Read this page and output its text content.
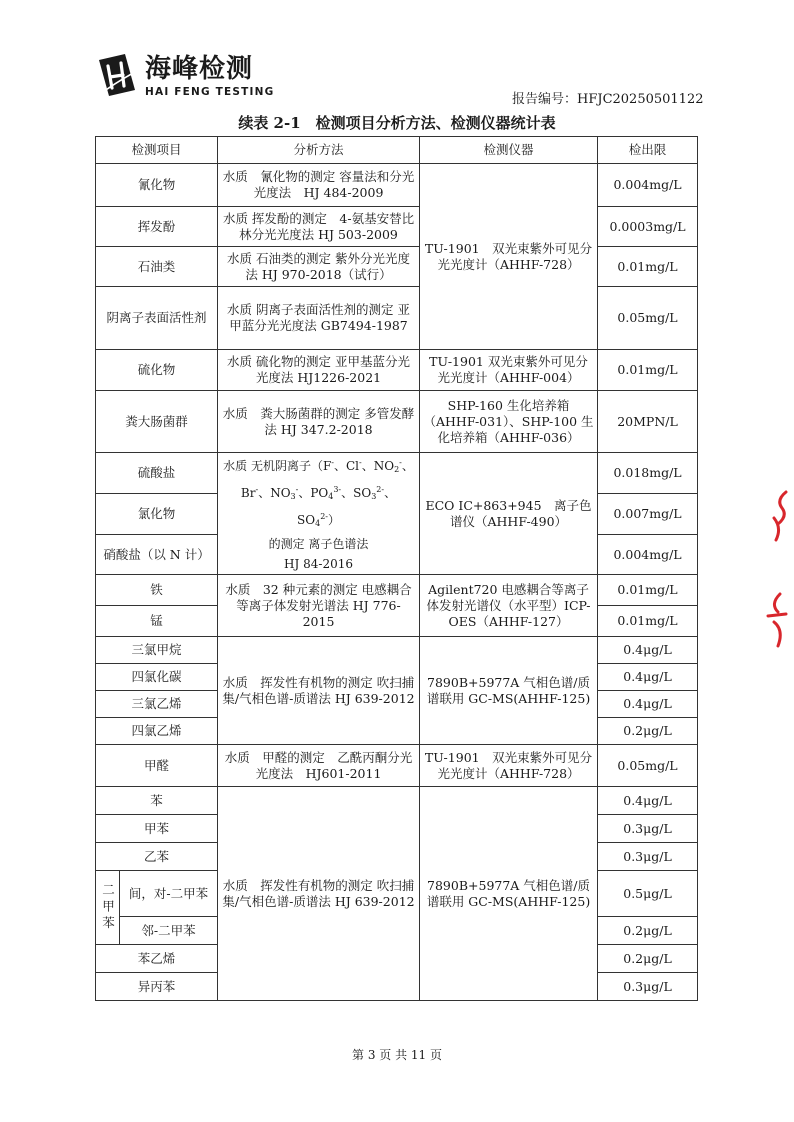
海峰检测
HAI FENG TESTING	报告编号：HFJC20250501122
续表 2-1　检测项目分析方法、检测仪器统计表
检测项目		分析方法	检测仪器	检出限
氰化物		水质　氰化物的测定 容量法和分光光度法　HJ 484-2009	TU-1901　双光束紫外可见分光光度计（AHHF-728）	0.004mg/L
挥发酚		水质 挥发酚的测定　4-氨基安替比林分光光度法 HJ 503-2009		0.0003mg/L
石油类		水质 石油类的测定 紫外分光光度法 HJ 970-2018（试行）		0.01mg/L
阴离子表面活性剂		水质 阴离子表面活性剂的测定 亚甲蓝分光光度法 GB7494-1987		0.05mg/L
硫化物		水质 硫化物的测定 亚甲基蓝分光光度法 HJ1226-2021	TU-1901 双光束紫外可见分光光度计（AHHF-004）	0.01mg/L
粪大肠菌群		水质　粪大肠菌群的测定 多管发酵法 HJ 347.2-2018	SHP-160 生化培养箱（AHHF-031）、SHP-100 生化培养箱（AHHF-036）	20MPN/L
硫酸盐		水质 无机阴离子（F-、Cl-、$NO_2^-$、
Br-、$NO_3^-$、$PO_4^{3-}$、$SO_3^{2-}$、$SO_4^{2-}$）
的测定 离子色谱法
HJ 84-2016	ECO IC+863+945　离子色谱仪（AHHF-490）	0.018mg/L
氯化物				0.007mg/L
硝酸盐（以 N 计）				0.004mg/L
铁		水质　32 种元素的测定 电感耦合等离子体发射光谱法 HJ 776-2015	Agilent720 电感耦合等离子体发射光谱仪（水平型）ICP-OES（AHHF-127）	0.01mg/L
锰				0.01mg/L
三氯甲烷		水质　挥发性有机物的测定 吹扫捕集/气相色谱-质谱法 HJ 639-2012	7890B+5977A 气相色谱/质谱联用 GC-MS(AHHF-125)	0.4μg/L
四氯化碳				0.4μg/L
三氯乙烯				0.4μg/L
四氯乙烯				0.2μg/L
甲醛		水质　甲醛的测定　乙酰丙酮分光光度法　HJ601-2011	TU-1901　双光束紫外可见分光光度计（AHHF-728）	0.05mg/L
苯		水质　挥发性有机物的测定 吹扫捕集/气相色谱-质谱法 HJ 639-2012	7890B+5977A 气相色谱/质谱联用 GC-MS(AHHF-125)	0.4μg/L
甲苯				0.3μg/L
乙苯				0.3μg/L
二甲苯	间，对-二甲苯			0.5μg/L
	邻-二甲苯			0.2μg/L
苯乙烯				0.2μg/L
异丙苯				0.3μg/L
第 3 页 共 11 页
